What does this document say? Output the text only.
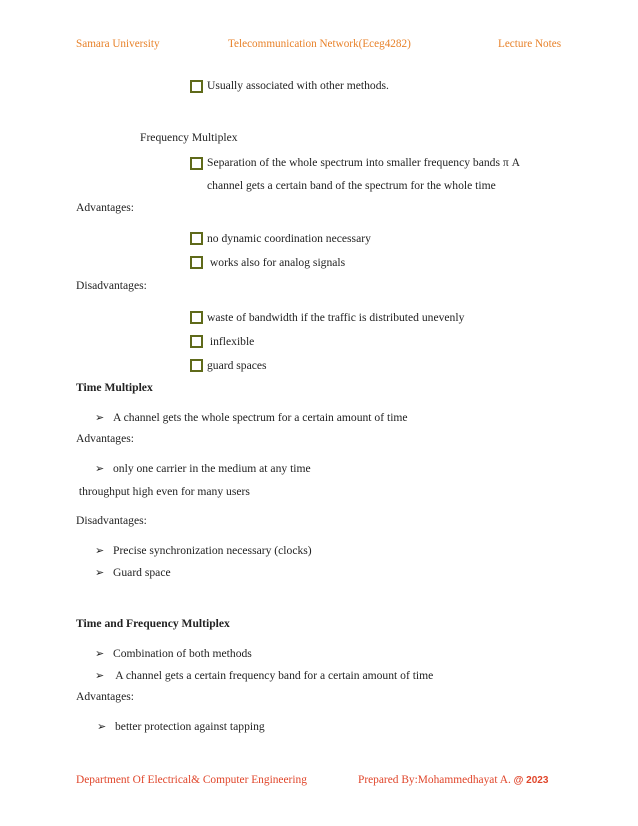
Samara University	Telecommunication Network(Eceg4282)	Lecture Notes
Usually associated with other methods.
Frequency Multiplex
Separation of the whole spectrum into smaller frequency bands π A
channel gets a certain band of the spectrum for the whole time
Advantages:
no dynamic coordination necessary
works also for analog signals
Disadvantages:
waste of bandwidth if the traffic is distributed unevenly
inflexible
guard spaces
Time Multiplex
➢ A channel gets the whole spectrum for a certain amount of time
Advantages:
➢ only one carrier in the medium at any time
throughput high even for many users
Disadvantages:
➢ Precise synchronization necessary (clocks)
➢ Guard space
Time and Frequency Multiplex
➢ Combination of both methods
➢ A channel gets a certain frequency band for a certain amount of time
Advantages:
➢ better protection against tapping
Department Of Electrical& Computer Engineering	Prepared By:Mohammedhayat A. @ 2023
